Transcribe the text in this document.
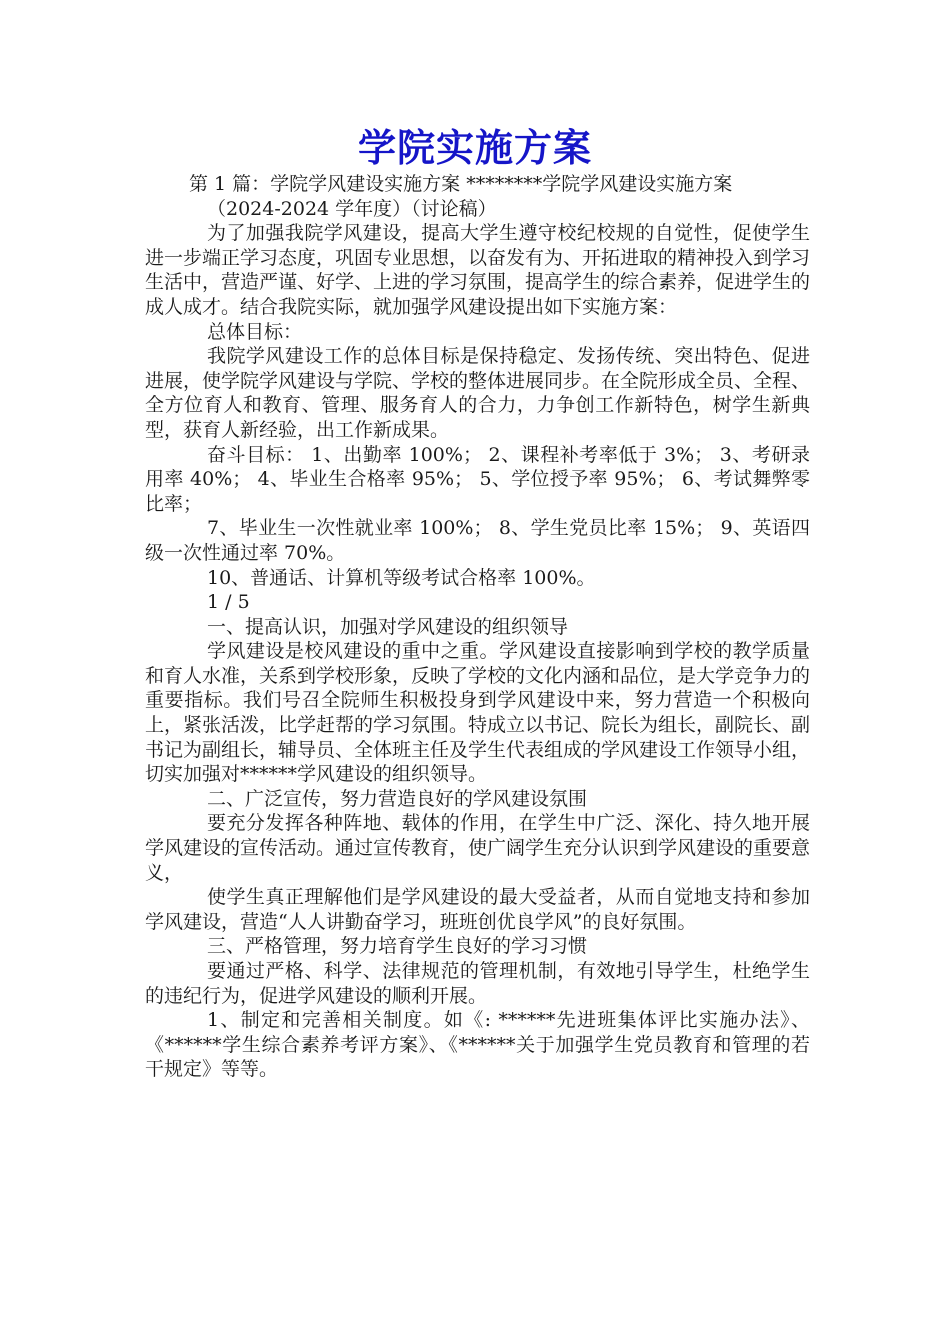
学院实施方案

第 1 篇：学院学风建设实施方案 ********学院学风建设实施方案

（2024-2024 学年度）（讨论稿）

为了加强我院学风建设，提高大学生遵守校纪校规的自觉性，促使学生进一步端正学习态度，巩固专业思想，以奋发有为、开拓进取的精神投入到学习生活中，营造严谨、好学、上进的学习氛围，提高学生的综合素养，促进学生的成人成才。结合我院实际，就加强学风建设提出如下实施方案：

总体目标：

我院学风建设工作的总体目标是保持稳定、发扬传统、突出特色、促进进展，使学院学风建设与学院、学校的整体进展同步。在全院形成全员、全程、全方位育人和教育、管理、服务育人的合力，力争创工作新特色，树学生新典型，获育人新经验，出工作新成果。

奋斗目标： 1、出勤率 100%； 2、课程补考率低于 3%； 3、考研录用率 40%； 4、毕业生合格率 95%； 5、学位授予率 95%； 6、考试舞弊零比率；

7、毕业生一次性就业率 100%； 8、学生党员比率 15%； 9、英语四级一次性通过率 70%。

10、普通话、计算机等级考试合格率 100%。

1 / 5

一、提高认识，加强对学风建设的组织领导

学风建设是校风建设的重中之重。学风建设直接影响到学校的教学质量和育人水准，关系到学校形象，反映了学校的文化内涵和品位，是大学竞争力的重要指标。我们号召全院师生积极投身到学风建设中来，努力营造一个积极向上，紧张活泼，比学赶帮的学习氛围。特成立以书记、院长为组长，副院长、副书记为副组长，辅导员、全体班主任及学生代表组成的学风建设工作领导小组，切实加强对******学风建设的组织领导。

二、广泛宣传，努力营造良好的学风建设氛围

要充分发挥各种阵地、载体的作用，在学生中广泛、深化、持久地开展学风建设的宣传活动。通过宣传教育，使广阔学生充分认识到学风建设的重要意义，

使学生真正理解他们是学风建设的最大受益者，从而自觉地支持和参加学风建设，营造“人人讲勤奋学习，班班创优良学风”的良好氛围。

三、严格管理，努力培育学生良好的学习习惯

要通过严格、科学、法律规范的管理机制，有效地引导学生，杜绝学生的违纪行为，促进学风建设的顺利开展。

1、制定和完善相关制度。如《: ******先进班集体评比实施办法》、《******学生综合素养考评方案》、《******关于加强学生党员教育和管理的若干规定》等等。
